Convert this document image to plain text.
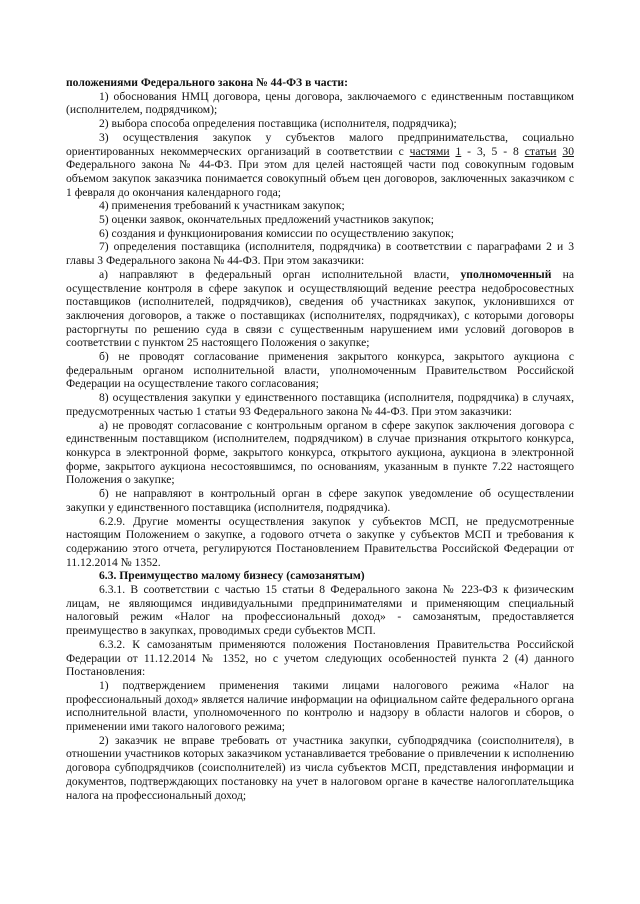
положениями Федерального закона № 44-ФЗ в части:

1) обоснования НМЦ договора, цены договора, заключаемого с единственным поставщиком (исполнителем, подрядчиком);

2) выбора способа определения поставщика (исполнителя, подрядчика);

3) осуществления закупок у субъектов малого предпринимательства, социально ориентированных некоммерческих организаций в соответствии с частями 1 - 3, 5 - 8 статьи 30 Федерального закона № 44-ФЗ. При этом для целей настоящей части под совокупным годовым объемом закупок заказчика понимается совокупный объем цен договоров, заключенных заказчиком с 1 февраля до окончания календарного года;

4) применения требований к участникам закупок;

5) оценки заявок, окончательных предложений участников закупок;

6) создания и функционирования комиссии по осуществлению закупок;

7) определения поставщика (исполнителя, подрядчика) в соответствии с параграфами 2 и 3 главы 3 Федерального закона № 44-ФЗ. При этом заказчики:

а) направляют в федеральный орган исполнительной власти, уполномоченный на осуществление контроля в сфере закупок и осуществляющий ведение реестра недобросовестных поставщиков (исполнителей, подрядчиков), сведения об участниках закупок, уклонившихся от заключения договоров, а также о поставщиках (исполнителях, подрядчиках), с которыми договоры расторгнуты по решению суда в связи с существенным нарушением ими условий договоров в соответствии с пунктом 25 настоящего Положения о закупке;

б) не проводят согласование применения закрытого конкурса, закрытого аукциона с федеральным органом исполнительной власти, уполномоченным Правительством Российской Федерации на осуществление такого согласования;

8) осуществления закупки у единственного поставщика (исполнителя, подрядчика) в случаях, предусмотренных частью 1 статьи 93 Федерального закона № 44-ФЗ. При этом заказчики:

а) не проводят согласование с контрольным органом в сфере закупок заключения договора с единственным поставщиком (исполнителем, подрядчиком) в случае признания открытого конкурса, конкурса в электронной форме, закрытого конкурса, открытого аукциона, аукциона в электронной форме, закрытого аукциона несостоявшимся, по основаниям, указанным в пункте 7.22 настоящего Положения о закупке;

б) не направляют в контрольный орган в сфере закупок уведомление об осуществлении закупки у единственного поставщика (исполнителя, подрядчика).

6.2.9. Другие моменты осуществления закупок у субъектов МСП, не предусмотренные настоящим Положением о закупке, а годового отчета о закупке у субъектов МСП и требования к содержанию этого отчета, регулируются Постановлением Правительства Российской Федерации от 11.12.2014 № 1352.

6.3. Преимущество малому бизнесу (самозанятым)

6.3.1. В соответствии с частью 15 статьи 8 Федерального закона № 223-ФЗ к физическим лицам, не являющимся индивидуальными предпринимателями и применяющим специальный налоговый режим «Налог на профессиональный доход» - самозанятым, предоставляется преимущество в закупках, проводимых среди субъектов МСП.

6.3.2. К самозанятым применяются положения Постановления Правительства Российской Федерации от 11.12.2014 № 1352, но с учетом следующих особенностей пункта 2 (4) данного Постановления:

1) подтверждением применения такими лицами налогового режима «Налог на профессиональный доход» является наличие информации на официальном сайте федерального органа исполнительной власти, уполномоченного по контролю и надзору в области налогов и сборов, о применении ими такого налогового режима;

2) заказчик не вправе требовать от участника закупки, субподрядчика (соисполнителя), в отношении участников которых заказчиком устанавливается требование о привлечении к исполнению договора субподрядчиков (соисполнителей) из числа субъектов МСП, представления информации и документов, подтверждающих постановку на учет в налоговом органе в качестве налогоплательщика налога на профессиональный доход;
